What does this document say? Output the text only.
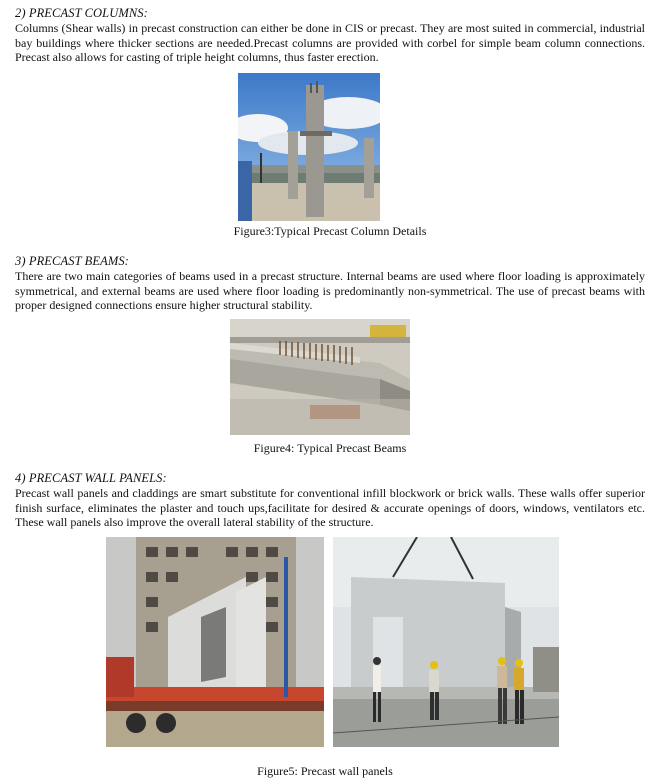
2) PRECAST COLUMNS:
Columns (Shear walls) in precast construction can either be done in CIS or precast. They are most suited in commercial, industrial bay buildings where thicker sections are needed.Precast columns are provided with corbel for simple beam column connections. Precast also allows for casting of triple height columns, thus faster erection.
Figure3:Typical Precast Column Details
3) PRECAST BEAMS:
There are two main categories of beams used in a precast structure. Internal beams are used where floor loading is approximately symmetrical, and external beams are used where floor loading is predominantly non-symmetrical. The use of precast beams with proper designed connections ensure higher structural stability.
Figure4: Typical Precast Beams
4) PRECAST WALL PANELS:
Precast wall panels and claddings are smart substitute for conventional infill blockwork or brick walls. These walls offer superior finish surface, eliminates the plaster and touch ups,facilitate for desired & accurate openings of doors, windows, ventilators etc. These wall panels also improve the overall lateral stability of the structure.
Figure5: Precast wall panels
